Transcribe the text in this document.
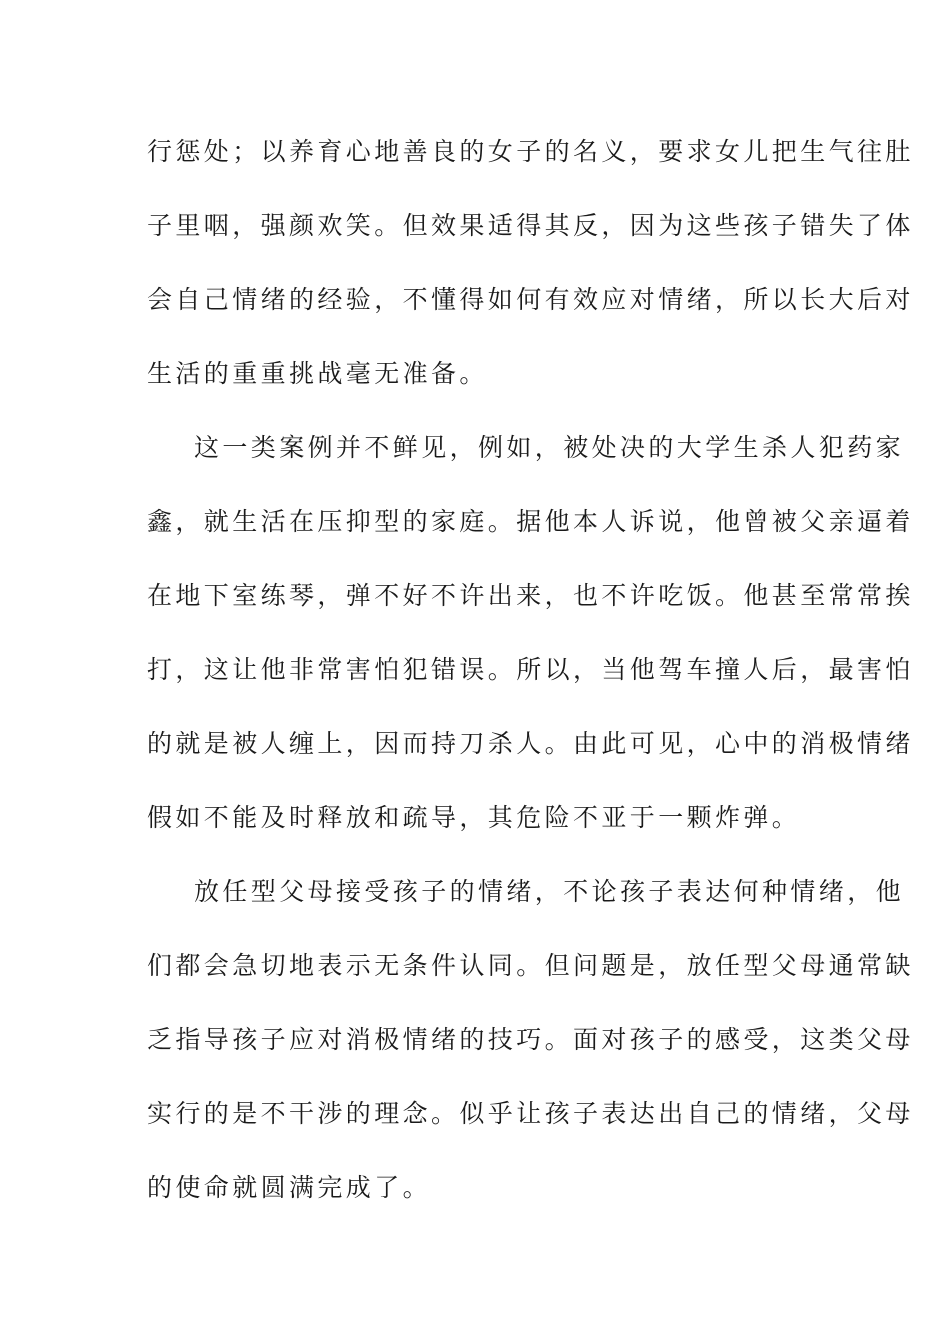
行惩处；以养育心地善良的女子的名义，要求女儿把生气往肚
子里咽，强颜欢笑。但效果适得其反，因为这些孩子错失了体
会自己情绪的经验，不懂得如何有效应对情绪，所以长大后对
生活的重重挑战毫无准备。
这一类案例并不鲜见，例如，被处决的大学生杀人犯药家
鑫，就生活在压抑型的家庭。据他本人诉说，他曾被父亲逼着
在地下室练琴，弹不好不许出来，也不许吃饭。他甚至常常挨
打，这让他非常害怕犯错误。所以，当他驾车撞人后，最害怕
的就是被人缠上，因而持刀杀人。由此可见，心中的消极情绪
假如不能及时释放和疏导，其危险不亚于一颗炸弹。
放任型父母接受孩子的情绪，不论孩子表达何种情绪，他
们都会急切地表示无条件认同。但问题是，放任型父母通常缺
乏指导孩子应对消极情绪的技巧。面对孩子的感受，这类父母
实行的是不干涉的理念。似乎让孩子表达出自己的情绪，父母
的使命就圆满完成了。
